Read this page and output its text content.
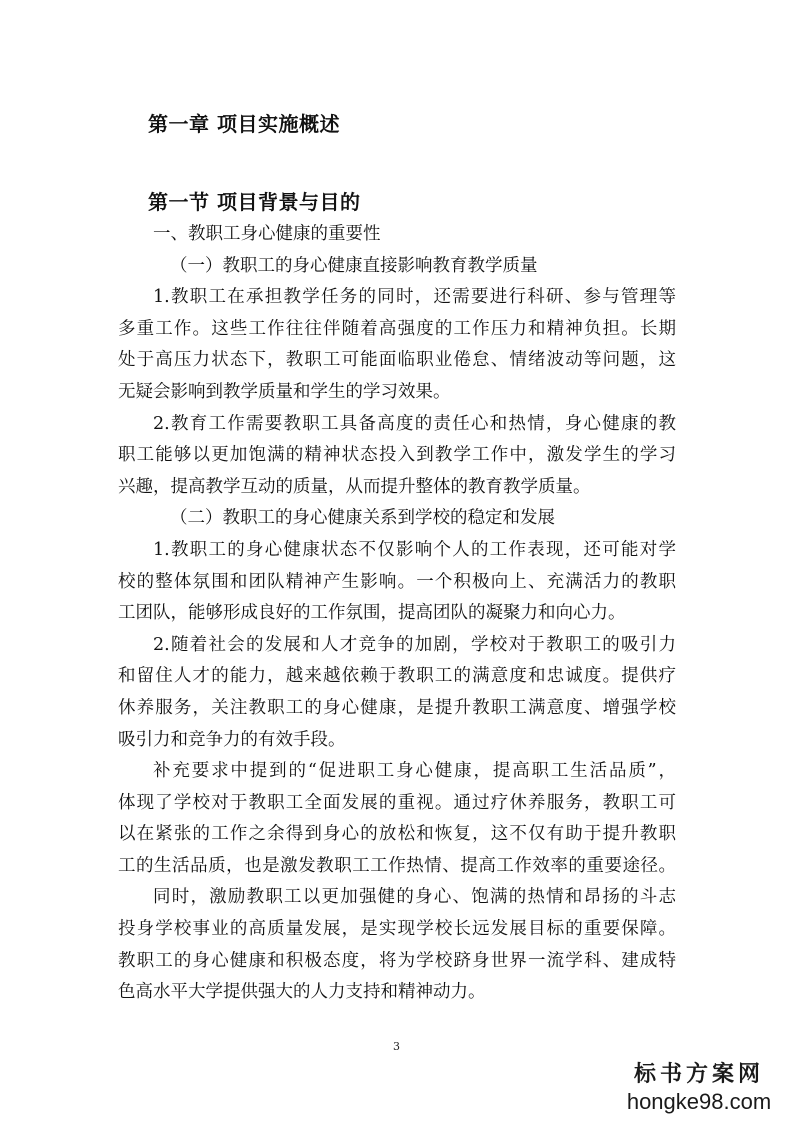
第一章 项目实施概述
第一节 项目背景与目的
一、教职工身心健康的重要性
（一）教职工的身心健康直接影响教育教学质量
1.教职工在承担教学任务的同时，还需要进行科研、参与管理等
多重工作。这些工作往往伴随着高强度的工作压力和精神负担。长期
处于高压力状态下，教职工可能面临职业倦怠、情绪波动等问题，这
无疑会影响到教学质量和学生的学习效果。
2.教育工作需要教职工具备高度的责任心和热情，身心健康的教
职工能够以更加饱满的精神状态投入到教学工作中，激发学生的学习
兴趣，提高教学互动的质量，从而提升整体的教育教学质量。
（二）教职工的身心健康关系到学校的稳定和发展
1.教职工的身心健康状态不仅影响个人的工作表现，还可能对学
校的整体氛围和团队精神产生影响。一个积极向上、充满活力的教职
工团队，能够形成良好的工作氛围，提高团队的凝聚力和向心力。
2.随着社会的发展和人才竞争的加剧，学校对于教职工的吸引力
和留住人才的能力，越来越依赖于教职工的满意度和忠诚度。提供疗
休养服务，关注教职工的身心健康，是提升教职工满意度、增强学校
吸引力和竞争力的有效手段。
补充要求中提到的“促进职工身心健康，提高职工生活品质”，
体现了学校对于教职工全面发展的重视。通过疗休养服务，教职工可
以在紧张的工作之余得到身心的放松和恢复，这不仅有助于提升教职
工的生活品质，也是激发教职工工作热情、提高工作效率的重要途径。
同时，激励教职工以更加强健的身心、饱满的热情和昂扬的斗志
投身学校事业的高质量发展，是实现学校长远发展目标的重要保障。
教职工的身心健康和积极态度，将为学校跻身世界一流学科、建成特
色高水平大学提供强大的人力支持和精神动力。
3
标书方案网
hongke98.com
